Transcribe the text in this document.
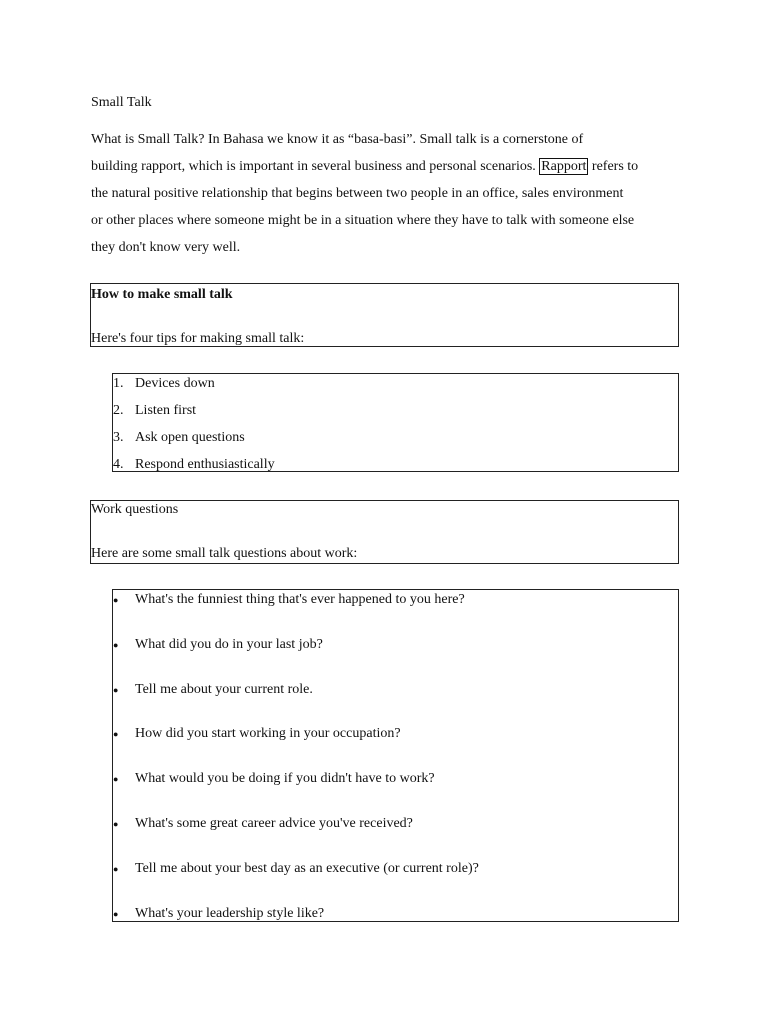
Small Talk
What is Small Talk? In Bahasa we know it as “basa-basi”. Small talk is a cornerstone of
building rapport, which is important in several business and personal scenarios. Rapport refers to
the natural positive relationship that begins between two people in an office, sales environment
or other places where someone might be in a situation where they have to talk with someone else
they don't know very well.
How to make small talk
Here's four tips for making small talk:
1. Devices down
2. Listen first
3. Ask open questions
4. Respond enthusiastically
Work questions
Here are some small talk questions about work:
● What's the funniest thing that's ever happened to you here?
● What did you do in your last job?
● Tell me about your current role.
● How did you start working in your occupation?
● What would you be doing if you didn't have to work?
● What's some great career advice you've received?
● Tell me about your best day as an executive (or current role)?
● What's your leadership style like?
